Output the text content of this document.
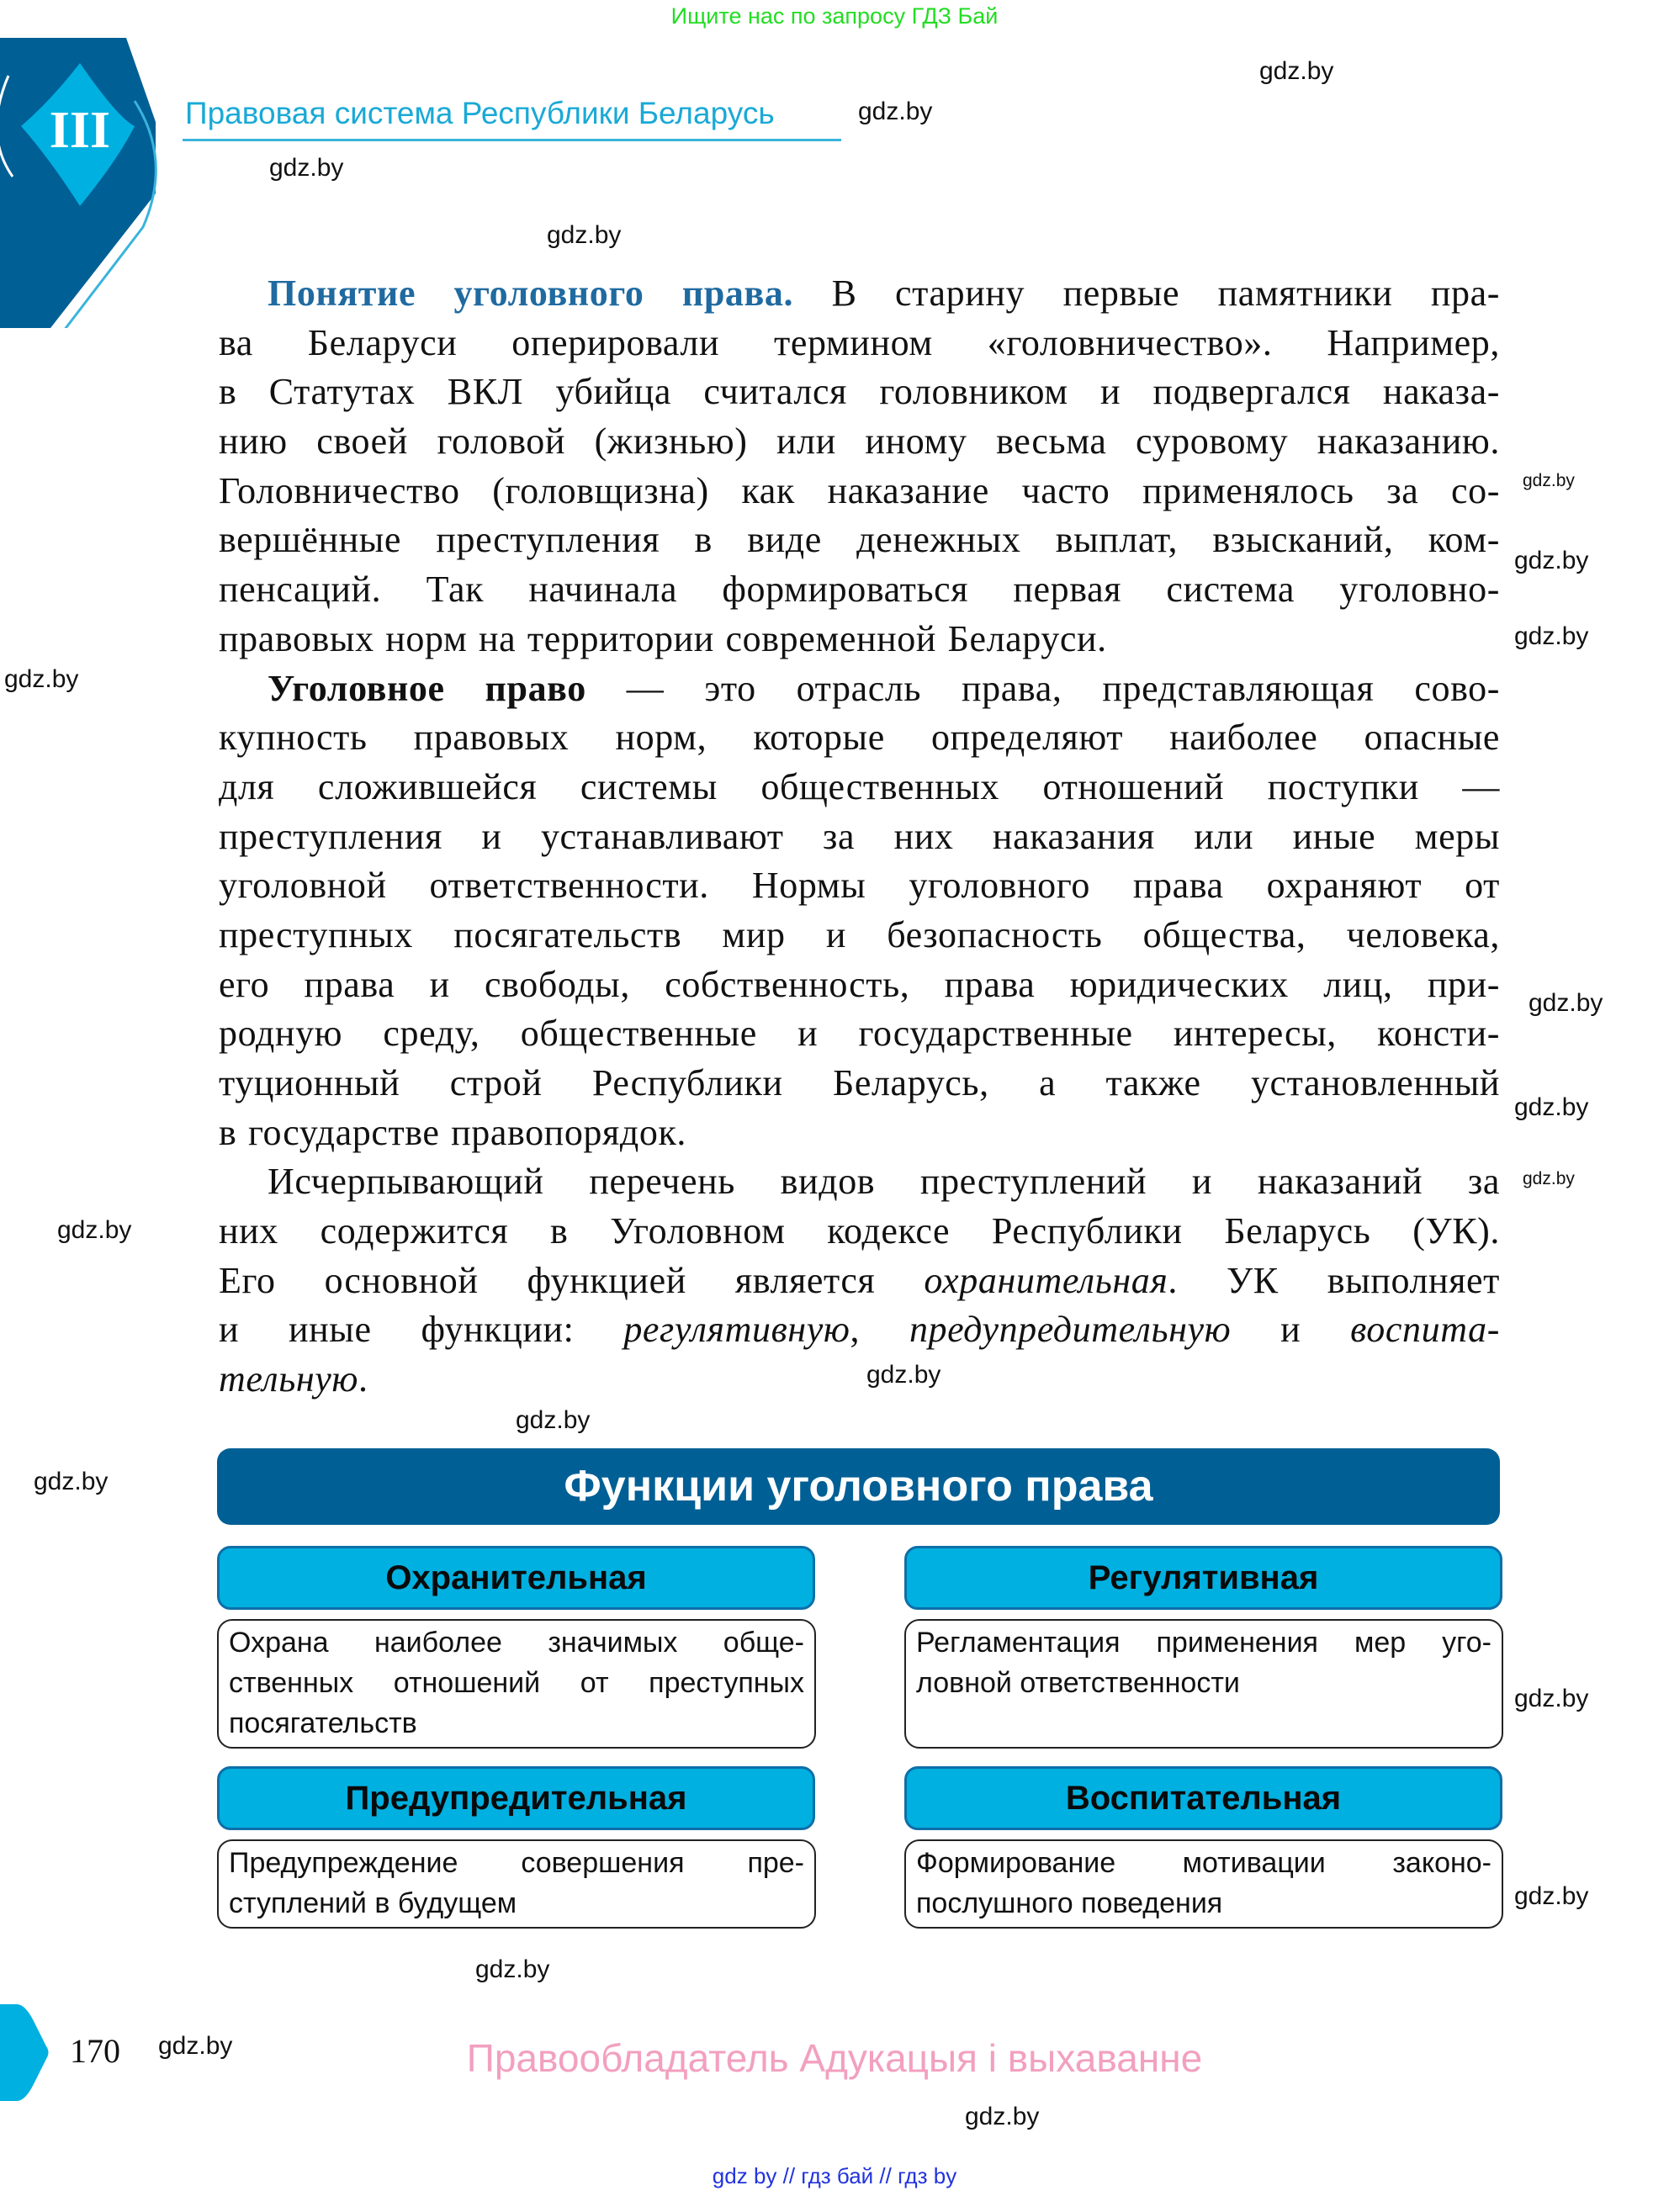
Ищите нас по запросу ГДЗ Бай
III Правовая система Республики Беларусь
Понятие уголовного права. В старину первые памятники пра-
ва Беларуси оперировали термином «головничество». Например,
в Статутах ВКЛ убийца считался головником и подвергался наказа-
нию своей головой (жизнью) или иному весьма суровому наказанию.
Головничество (головщизна) как наказание часто применялось за со-
вершённые преступления в виде денежных выплат, взысканий, ком-
пенсаций. Так начинала формироваться первая система уголовно-
правовых норм на территории современной Беларуси.
Уголовное право — это отрасль права, представляющая сово-
купность правовых норм, которые определяют наиболее опасные
для сложившейся системы общественных отношений поступки —
преступления и устанавливают за них наказания или иные меры
уголовной ответственности. Нормы уголовного права охраняют от
преступных посягательств мир и безопасность общества, человека,
его права и свободы, собственность, права юридических лиц, при-
родную среду, общественные и государственные интересы, консти-
туционный строй Республики Беларусь, а также установленный
в государстве правопорядок.
Исчерпывающий перечень видов преступлений и наказаний за
них содержится в Уголовном кодексе Республики Беларусь (УК).
Его основной функцией является охранительная. УК выполняет
и иные функции: регулятивную, предупредительную и воспита-
тельную.
Функции уголовного права
Охранительная
Охрана наиболее значимых обще-ственных отношений от преступных посягательств
Регулятивная
Регламентация применения мер уго-ловной ответственности
Предупредительная
Предупреждение совершения пре-ступлений в будущем
Воспитательная
Формирование мотивации законо-послушного поведения
170	Правообладатель Адукацыя і выхаванне
gdz by // гдз бай // гдз by
gdz.by
gdz.by
gdz.by
gdz.by
gdz.by
gdz.by
gdz.by
gdz.by
gdz.by
gdz.by
gdz.by
gdz.by
gdz.by
gdz.by
gdz.by
gdz.by
gdz.by
gdz.by
gdz.by
gdz.by
